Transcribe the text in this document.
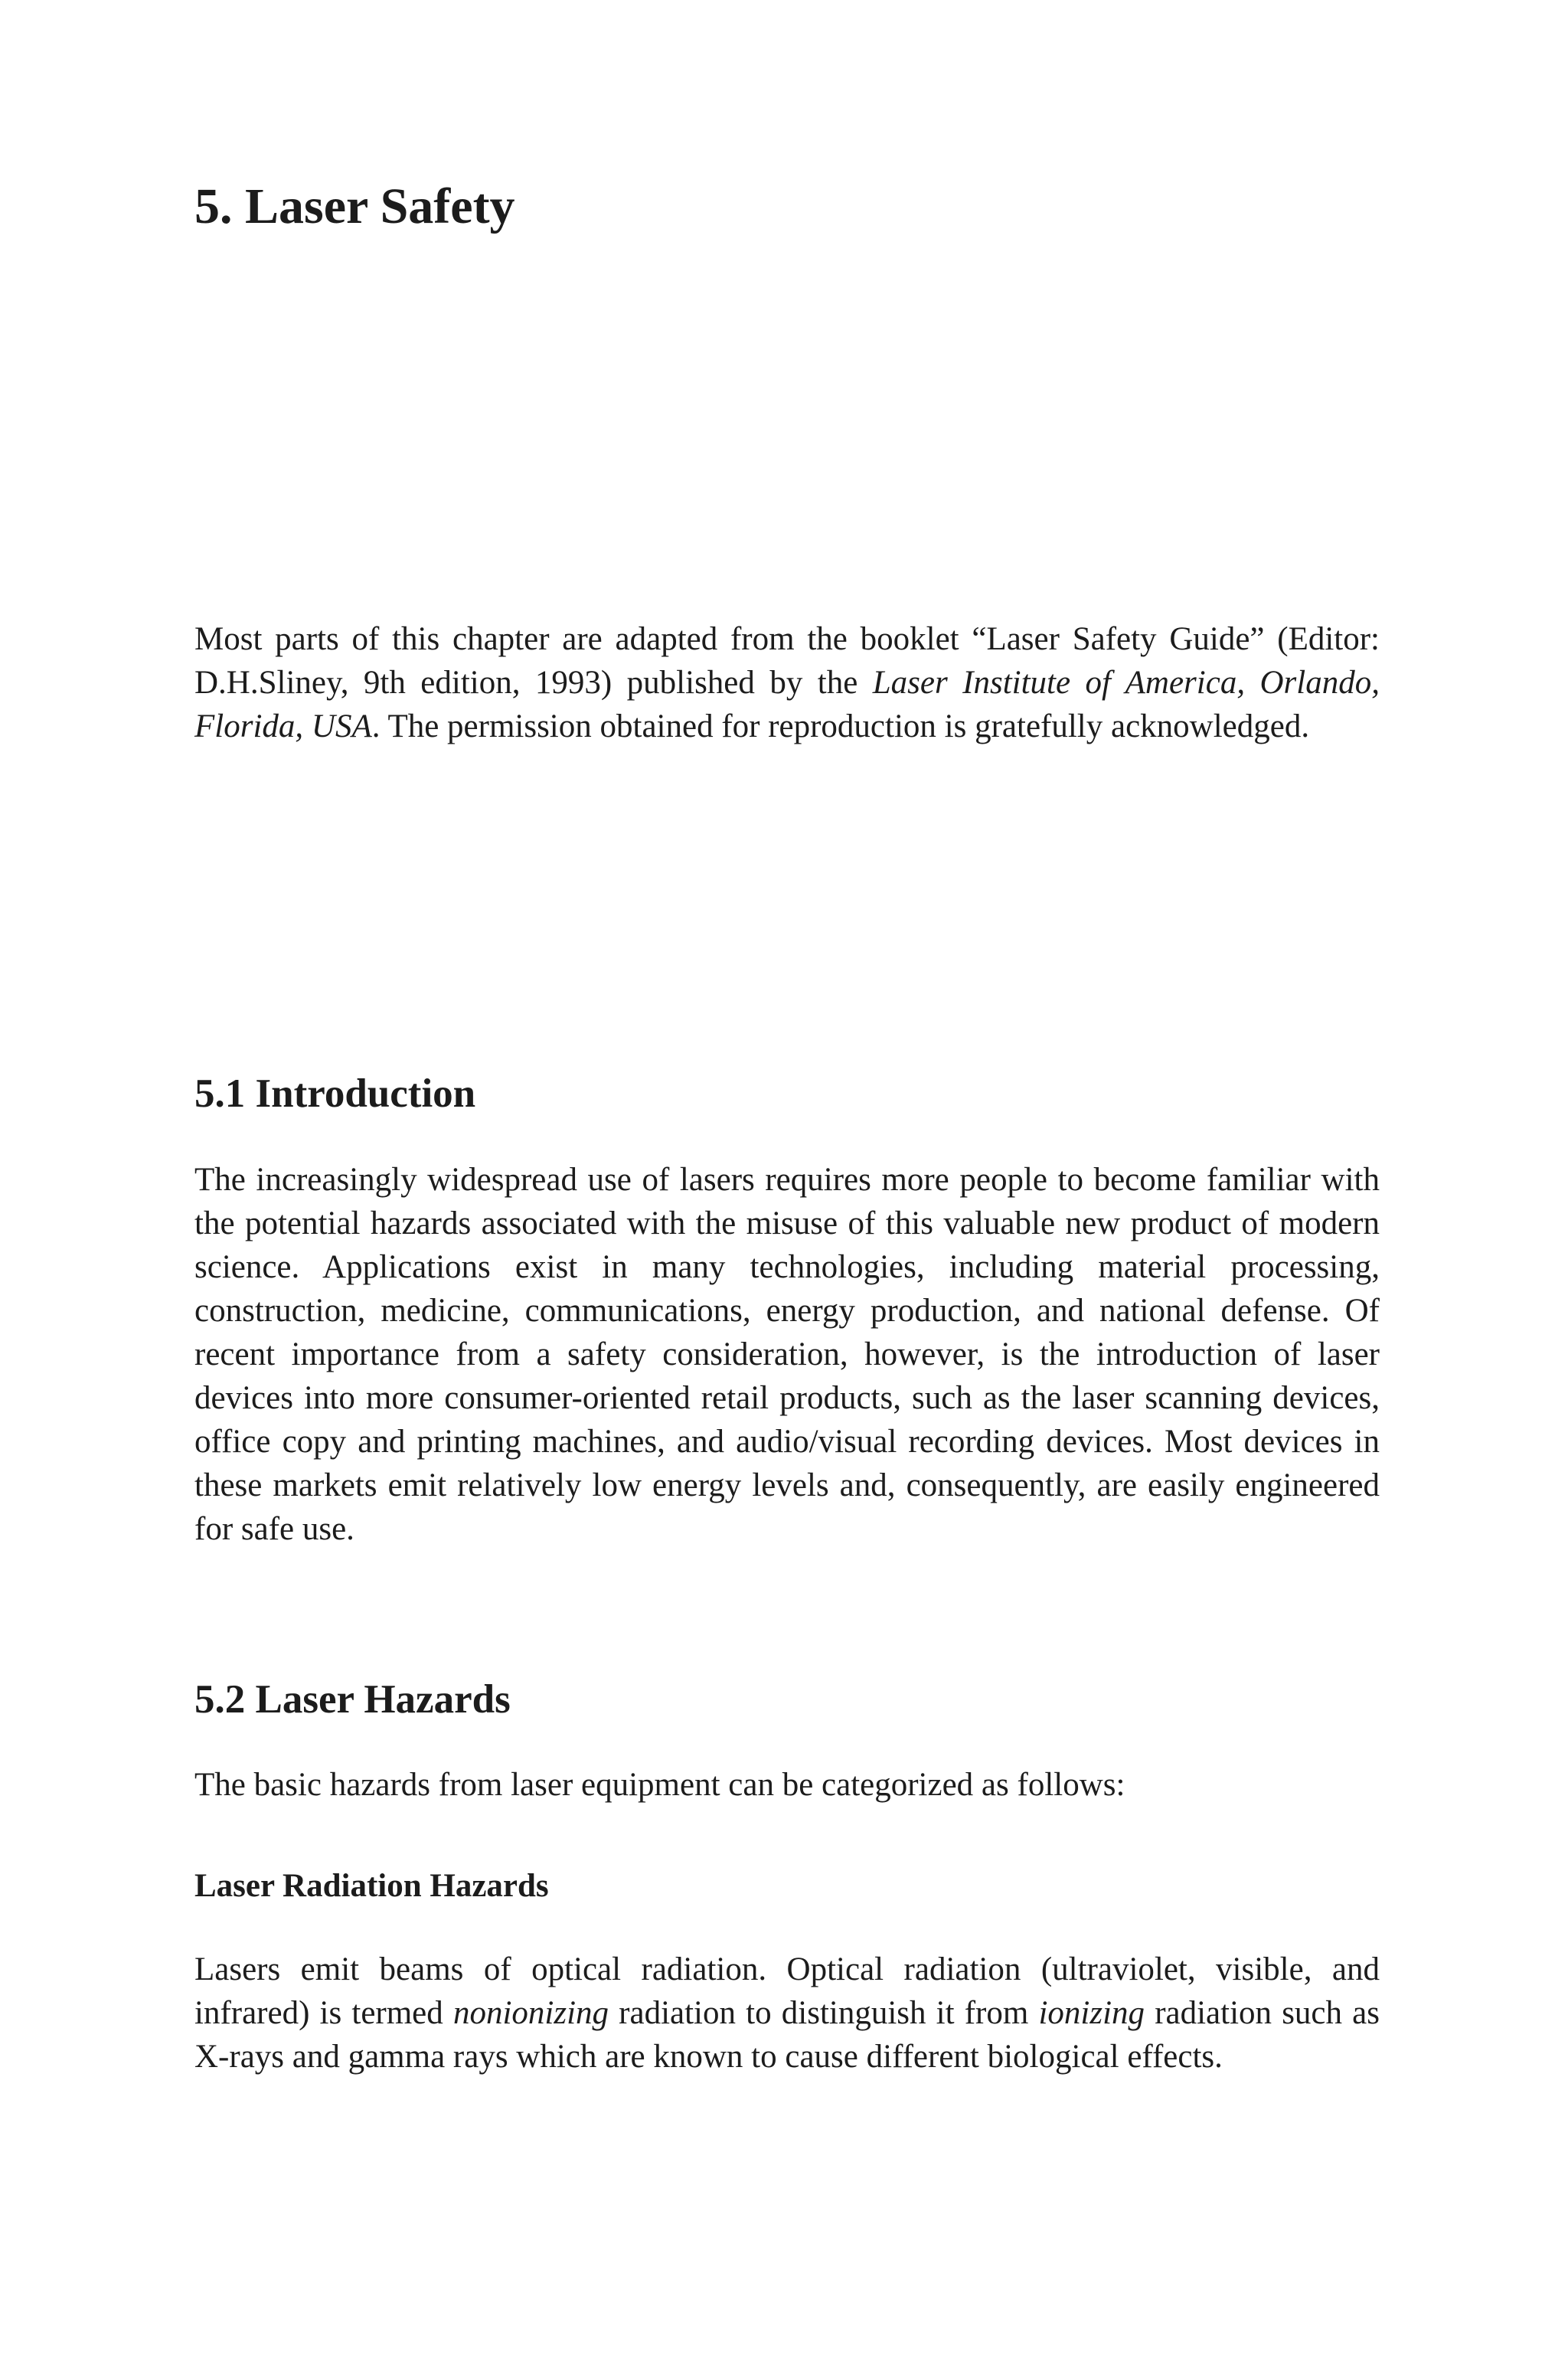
5. Laser Safety

Most parts of this chapter are adapted from the booklet “Laser Safety Guide” (Editor: D.H.Sliney, 9th edition, 1993) published by the Laser Institute of America, Orlando, Florida, USA. The permission obtained for reproduction is gratefully acknowledged.

5.1 Introduction

The increasingly widespread use of lasers requires more people to become familiar with the potential hazards associated with the misuse of this valuable new product of modern science. Applications exist in many technologies, including material processing, construction, medicine, communications, energy production, and national defense. Of recent importance from a safety consideration, however, is the introduction of laser devices into more consumer-oriented retail products, such as the laser scanning devices, office copy and printing machines, and audio/visual recording devices. Most devices in these markets emit relatively low energy levels and, consequently, are easily engineered for safe use.

5.2 Laser Hazards

The basic hazards from laser equipment can be categorized as follows:

Laser Radiation Hazards

Lasers emit beams of optical radiation. Optical radiation (ultraviolet, visible, and infrared) is termed nonionizing radiation to distinguish it from ionizing radiation such as X-rays and gamma rays which are known to cause different biological effects.
